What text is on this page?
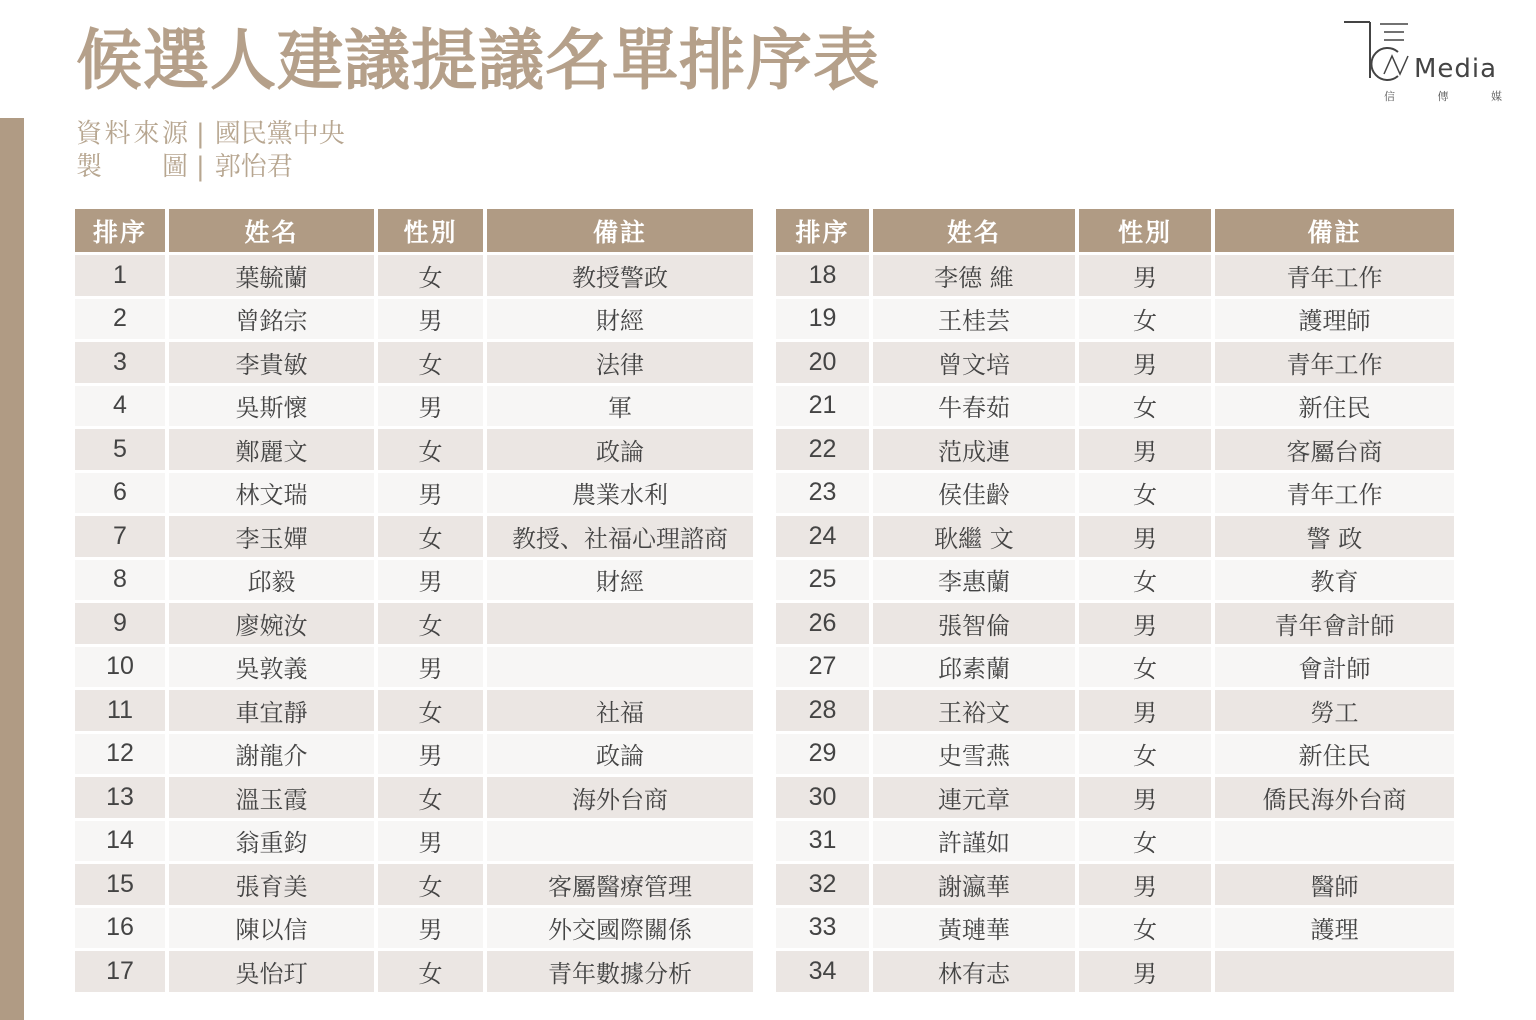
候選人建議提議名單排序表
資 料 來 源 | 國民黨中央
製 圖 | 郭怡君
Media
信	傳	媒
排序	姓名	性別	備註
1	葉毓蘭	女	教授警政
2	曾銘宗	男	財經
3	李貴敏	女	法律
4	吳斯懷	男	軍
5	鄭麗文	女	政論
6	林文瑞	男	農業水利
7	李玉嬋	女	教授、社福心理諮商
8	邱毅	男	財經
9	廖婉汝	女	
10	吳敦義	男	
11	車宜靜	女	社福
12	謝龍介	男	政論
13	溫玉霞	女	海外台商
14	翁重鈞	男	
15	張育美	女	客屬醫療管理
16	陳以信	男	外交國際關係
17	吳怡玎	女	青年數據分析
排序	姓名	性別	備註
18	李德 維	男	青年工作
19	王桂芸	女	護理師
20	曾文培	男	青年工作
21	牛春茹	女	新住民
22	范成連	男	客屬台商
23	侯佳齡	女	青年工作
24	耿繼 文	男	警 政
25	李惠蘭	女	教育
26	張智倫	男	青年會計師
27	邱素蘭	女	會計師
28	王裕文	男	勞工
29	史雪燕	女	新住民
30	連元章	男	僑民海外台商
31	許謹如	女	
32	謝瀛華	男	醫師
33	黃璉華	女	護理
34	林有志	男	
